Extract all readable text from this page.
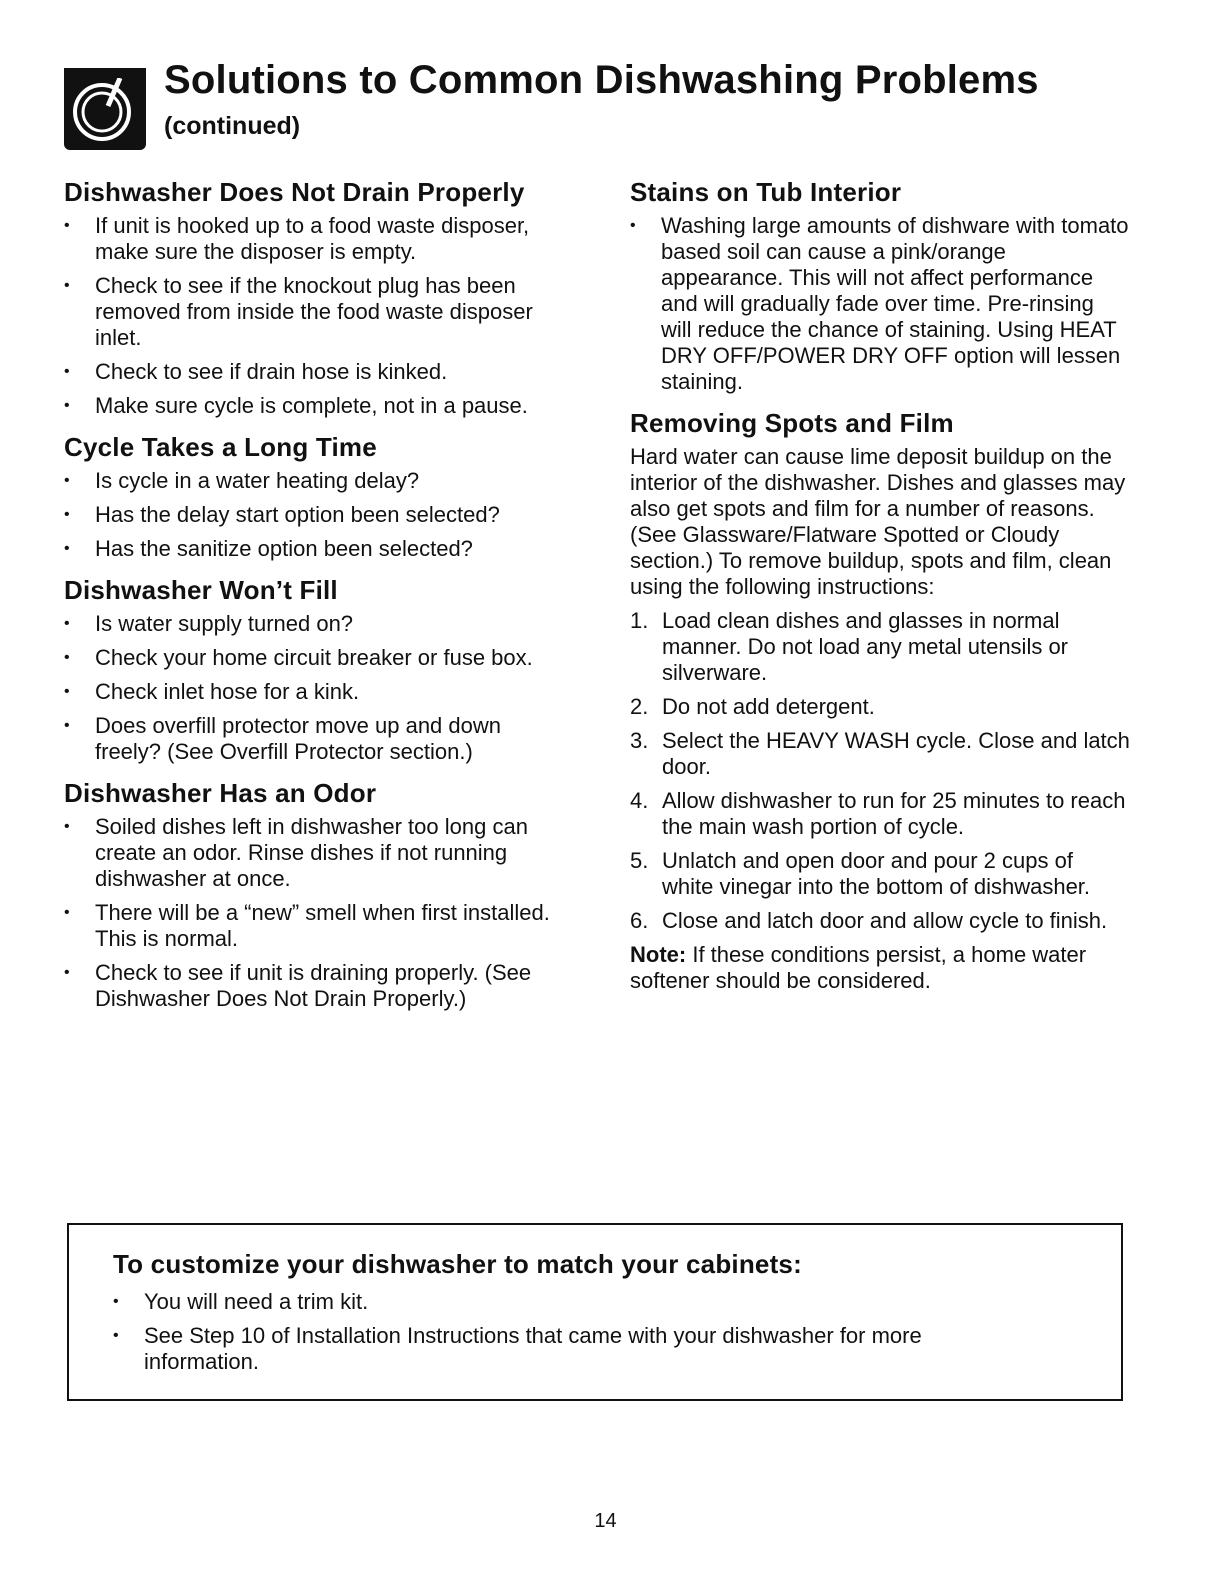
Solutions to Common Dishwashing Problems
(continued)
Dishwasher Does Not Drain Properly
• If unit is hooked up to a food waste disposer, make sure the disposer is empty.
• Check to see if the knockout plug has been removed from inside the food waste disposer inlet.
• Check to see if drain hose is kinked.
• Make sure cycle is complete, not in a pause.
Cycle Takes a Long Time
• Is cycle in a water heating delay?
• Has the delay start option been selected?
• Has the sanitize option been selected?
Dishwasher Won’t Fill
• Is water supply turned on?
• Check your home circuit breaker or fuse box.
• Check inlet hose for a kink.
• Does overfill protector move up and down freely? (See Overfill Protector section.)
Dishwasher Has an Odor
• Soiled dishes left in dishwasher too long can create an odor. Rinse dishes if not running dishwasher at once.
• There will be a “new” smell when first installed. This is normal.
• Check to see if unit is draining properly. (See Dishwasher Does Not Drain Properly.)
Stains on Tub Interior
• Washing large amounts of dishware with tomato based soil can cause a pink/orange appearance. This will not affect performance and will gradually fade over time. Pre-rinsing will reduce the chance of staining. Using HEAT DRY OFF/POWER DRY OFF option will lessen staining.
Removing Spots and Film

Hard water can cause lime deposit buildup on the interior of the dishwasher. Dishes and glasses may also get spots and film for a number of reasons. (See Glassware/Flatware Spotted or Cloudy section.) To remove buildup, spots and film, clean using the following instructions:

1. Load clean dishes and glasses in normal manner. Do not load any metal utensils or silverware.
2. Do not add detergent.
3. Select the HEAVY WASH cycle. Close and latch door.
4. Allow dishwasher to run for 25 minutes to reach the main wash portion of cycle.
5. Unlatch and open door and pour 2 cups of white vinegar into the bottom of dishwasher.
6. Close and latch door and allow cycle to finish.

Note: If these conditions persist, a home water softener should be considered.

To customize your dishwasher to match your cabinets:
• You will need a trim kit.
• See Step 10 of Installation Instructions that came with your dishwasher for more information.
14
